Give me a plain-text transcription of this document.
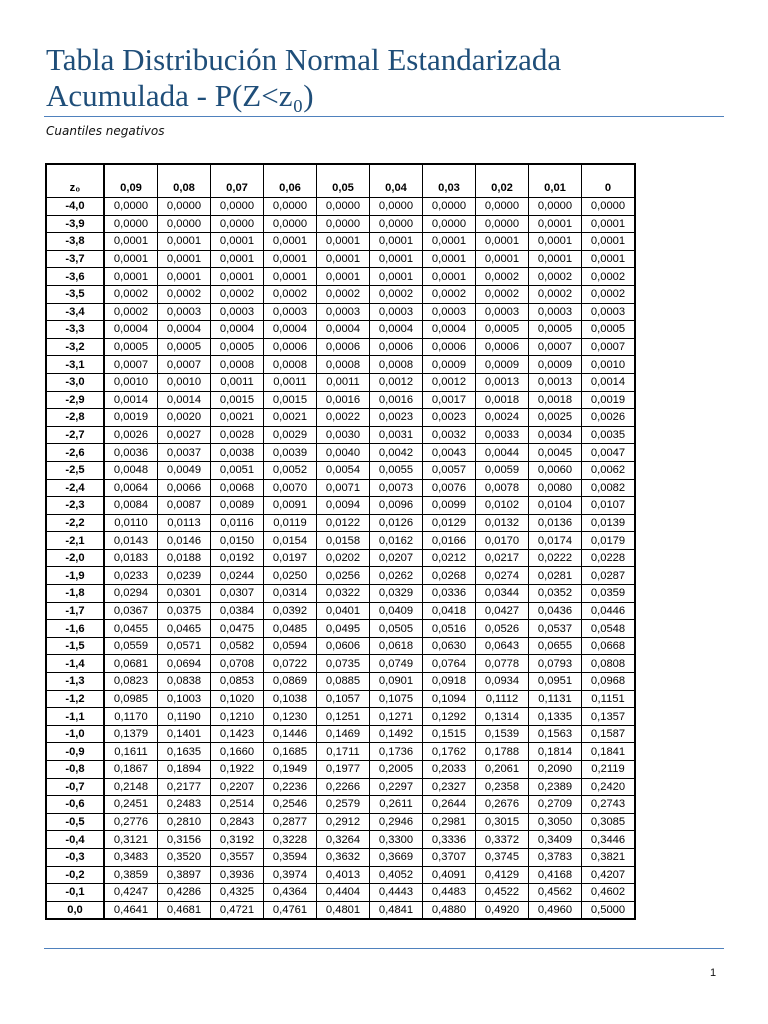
Tabla Distribución Normal Estandarizada
Acumulada - P(Z<z₀)
Cuantiles negativos
z₀	0,09	0,08	0,07	0,06	0,05	0,04	0,03	0,02	0,01	0
-4,0	0,0000	0,0000	0,0000	0,0000	0,0000	0,0000	0,0000	0,0000	0,0000	0,0000
-3,9	0,0000	0,0000	0,0000	0,0000	0,0000	0,0000	0,0000	0,0000	0,0001	0,0001
-3,8	0,0001	0,0001	0,0001	0,0001	0,0001	0,0001	0,0001	0,0001	0,0001	0,0001
-3,7	0,0001	0,0001	0,0001	0,0001	0,0001	0,0001	0,0001	0,0001	0,0001	0,0001
-3,6	0,0001	0,0001	0,0001	0,0001	0,0001	0,0001	0,0001	0,0002	0,0002	0,0002
-3,5	0,0002	0,0002	0,0002	0,0002	0,0002	0,0002	0,0002	0,0002	0,0002	0,0002
-3,4	0,0002	0,0003	0,0003	0,0003	0,0003	0,0003	0,0003	0,0003	0,0003	0,0003
-3,3	0,0004	0,0004	0,0004	0,0004	0,0004	0,0004	0,0004	0,0005	0,0005	0,0005
-3,2	0,0005	0,0005	0,0005	0,0006	0,0006	0,0006	0,0006	0,0006	0,0007	0,0007
-3,1	0,0007	0,0007	0,0008	0,0008	0,0008	0,0008	0,0009	0,0009	0,0009	0,0010
-3,0	0,0010	0,0010	0,0011	0,0011	0,0011	0,0012	0,0012	0,0013	0,0013	0,0014
-2,9	0,0014	0,0014	0,0015	0,0015	0,0016	0,0016	0,0017	0,0018	0,0018	0,0019
-2,8	0,0019	0,0020	0,0021	0,0021	0,0022	0,0023	0,0023	0,0024	0,0025	0,0026
-2,7	0,0026	0,0027	0,0028	0,0029	0,0030	0,0031	0,0032	0,0033	0,0034	0,0035
-2,6	0,0036	0,0037	0,0038	0,0039	0,0040	0,0042	0,0043	0,0044	0,0045	0,0047
-2,5	0,0048	0,0049	0,0051	0,0052	0,0054	0,0055	0,0057	0,0059	0,0060	0,0062
-2,4	0,0064	0,0066	0,0068	0,0070	0,0071	0,0073	0,0076	0,0078	0,0080	0,0082
-2,3	0,0084	0,0087	0,0089	0,0091	0,0094	0,0096	0,0099	0,0102	0,0104	0,0107
-2,2	0,0110	0,0113	0,0116	0,0119	0,0122	0,0126	0,0129	0,0132	0,0136	0,0139
-2,1	0,0143	0,0146	0,0150	0,0154	0,0158	0,0162	0,0166	0,0170	0,0174	0,0179
-2,0	0,0183	0,0188	0,0192	0,0197	0,0202	0,0207	0,0212	0,0217	0,0222	0,0228
-1,9	0,0233	0,0239	0,0244	0,0250	0,0256	0,0262	0,0268	0,0274	0,0281	0,0287
-1,8	0,0294	0,0301	0,0307	0,0314	0,0322	0,0329	0,0336	0,0344	0,0352	0,0359
-1,7	0,0367	0,0375	0,0384	0,0392	0,0401	0,0409	0,0418	0,0427	0,0436	0,0446
-1,6	0,0455	0,0465	0,0475	0,0485	0,0495	0,0505	0,0516	0,0526	0,0537	0,0548
-1,5	0,0559	0,0571	0,0582	0,0594	0,0606	0,0618	0,0630	0,0643	0,0655	0,0668
-1,4	0,0681	0,0694	0,0708	0,0722	0,0735	0,0749	0,0764	0,0778	0,0793	0,0808
-1,3	0,0823	0,0838	0,0853	0,0869	0,0885	0,0901	0,0918	0,0934	0,0951	0,0968
-1,2	0,0985	0,1003	0,1020	0,1038	0,1057	0,1075	0,1094	0,1112	0,1131	0,1151
-1,1	0,1170	0,1190	0,1210	0,1230	0,1251	0,1271	0,1292	0,1314	0,1335	0,1357
-1,0	0,1379	0,1401	0,1423	0,1446	0,1469	0,1492	0,1515	0,1539	0,1563	0,1587
-0,9	0,1611	0,1635	0,1660	0,1685	0,1711	0,1736	0,1762	0,1788	0,1814	0,1841
-0,8	0,1867	0,1894	0,1922	0,1949	0,1977	0,2005	0,2033	0,2061	0,2090	0,2119
-0,7	0,2148	0,2177	0,2207	0,2236	0,2266	0,2297	0,2327	0,2358	0,2389	0,2420
-0,6	0,2451	0,2483	0,2514	0,2546	0,2579	0,2611	0,2644	0,2676	0,2709	0,2743
-0,5	0,2776	0,2810	0,2843	0,2877	0,2912	0,2946	0,2981	0,3015	0,3050	0,3085
-0,4	0,3121	0,3156	0,3192	0,3228	0,3264	0,3300	0,3336	0,3372	0,3409	0,3446
-0,3	0,3483	0,3520	0,3557	0,3594	0,3632	0,3669	0,3707	0,3745	0,3783	0,3821
-0,2	0,3859	0,3897	0,3936	0,3974	0,4013	0,4052	0,4091	0,4129	0,4168	0,4207
-0,1	0,4247	0,4286	0,4325	0,4364	0,4404	0,4443	0,4483	0,4522	0,4562	0,4602
0,0	0,4641	0,4681	0,4721	0,4761	0,4801	0,4841	0,4880	0,4920	0,4960	0,5000
1
